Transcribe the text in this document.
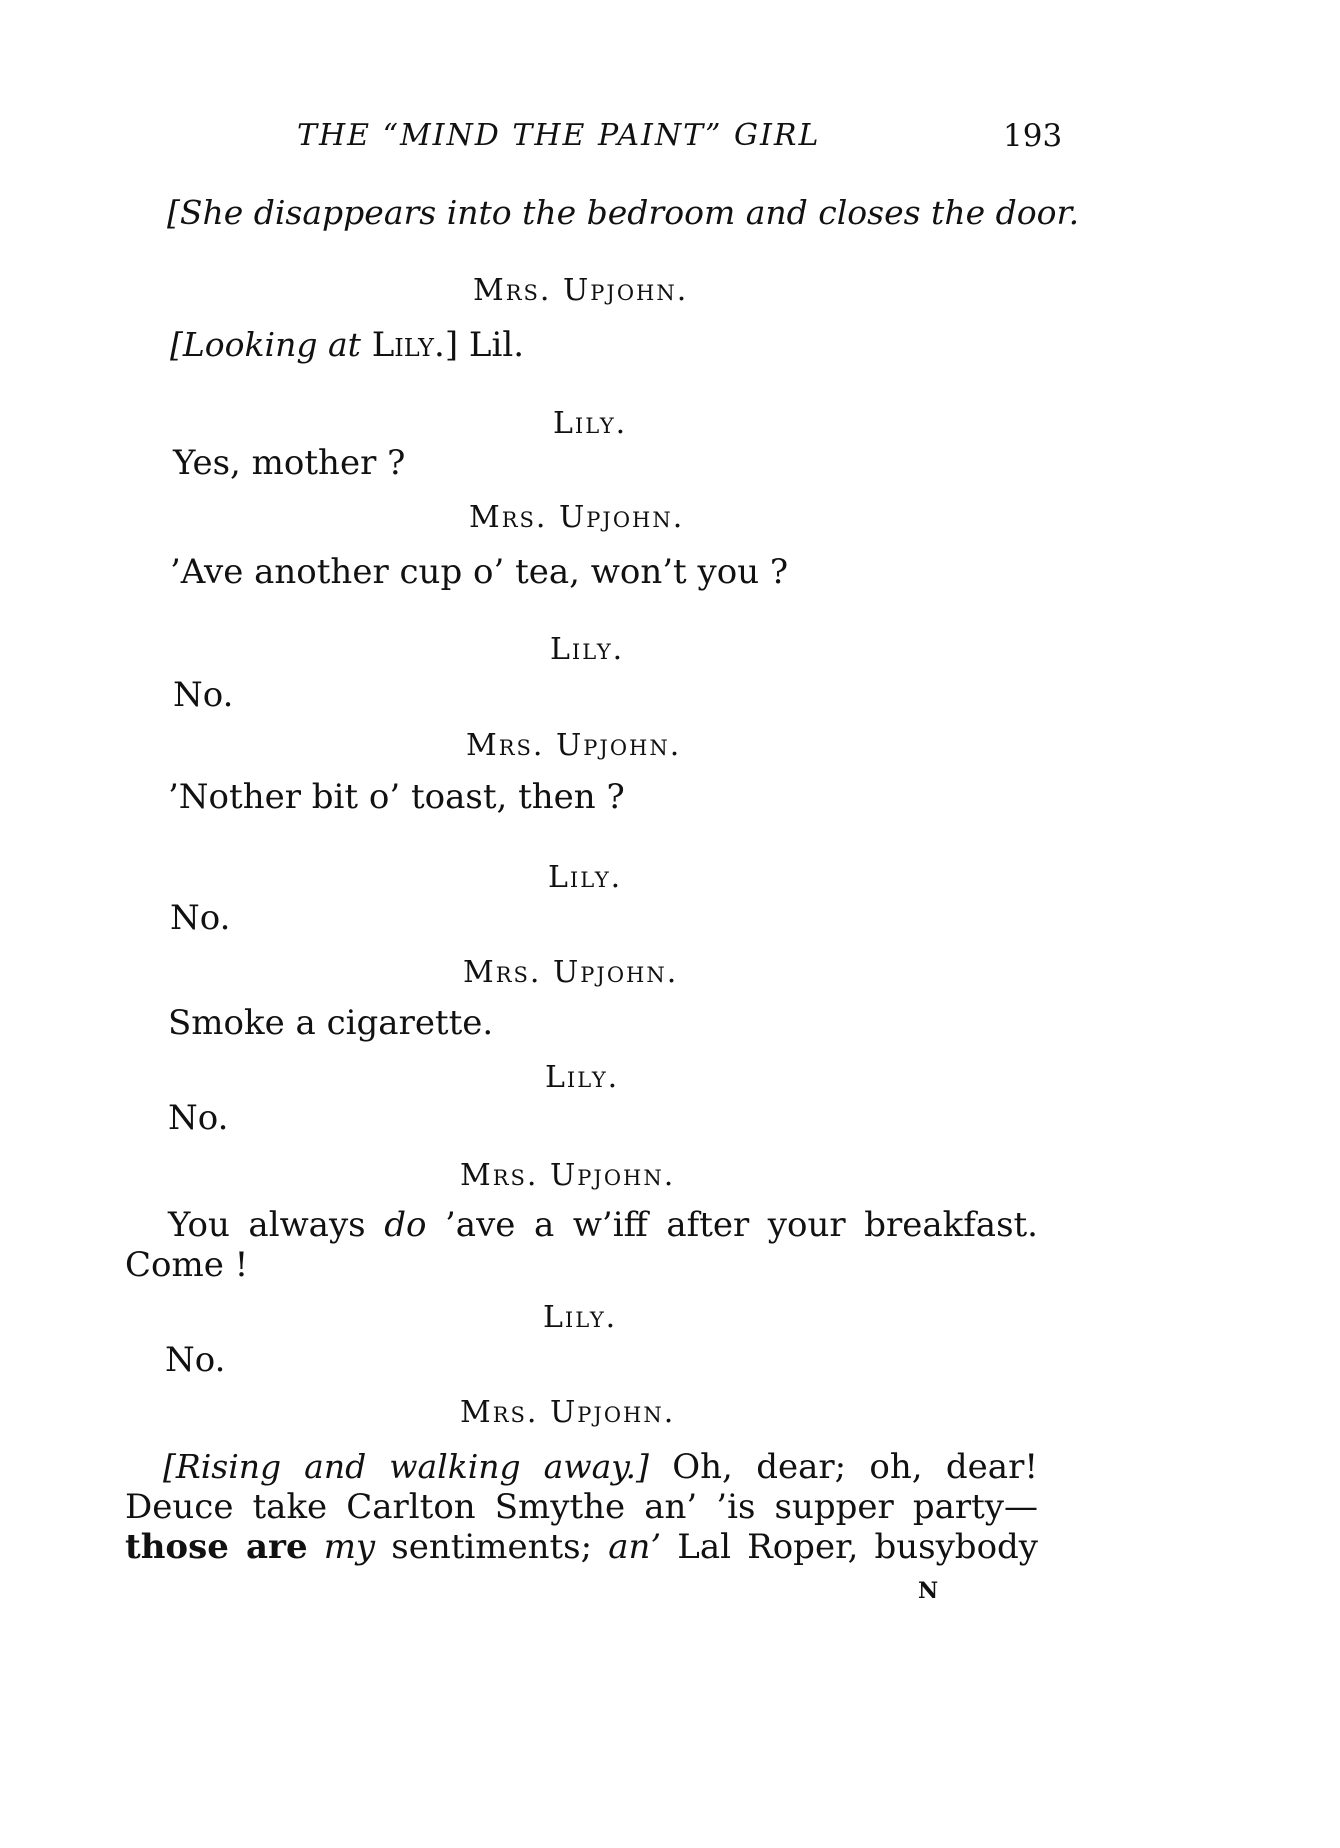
THE “MIND THE PAINT” GIRL	193
[She disappears into the bedroom and closes the door.
Mrs. Upjohn.
[Looking at Lily.] Lil.
Lily.
Yes, mother ?
Mrs. Upjohn.
’Ave another cup o’ tea, won’t you ?
Lily.
No.
Mrs. Upjohn.
’Nother bit o’ toast, then ?
Lily.
No.
Mrs. Upjohn.
Smoke a cigarette.
Lily.
No.
Mrs. Upjohn.
You always do ’ave a w’iff after your breakfast.
Come !
Lily.
No.
Mrs. Upjohn.
[Rising and walking away.] Oh, dear; oh, dear!
Deuce take Carlton Smythe an’ ’is supper party—
those are my sentiments; an’ Lal Roper, busybody
N
